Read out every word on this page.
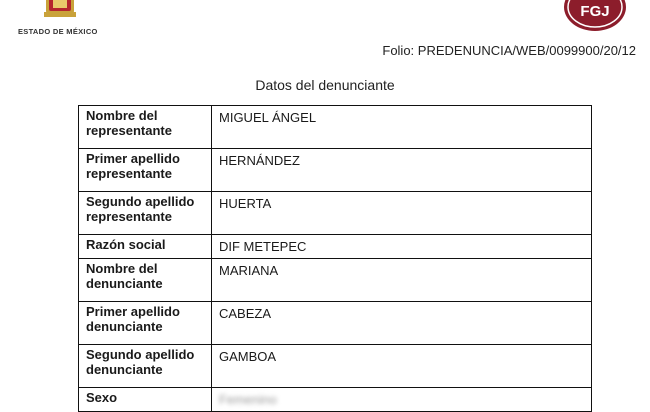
ESTADO DE MÉXICO
FGJ
Folio: PREDENUNCIA/WEB/0099900/20/12
Datos del denunciante
Nombre del representante	MIGUEL ÁNGEL
Primer apellido representante	HERNÁNDEZ
Segundo apellido representante	HUERTA
Razón social	DIF METEPEC
Nombre del denunciante	MARIANA
Primer apellido denunciante	CABEZA
Segundo apellido denunciante	GAMBOA
Sexo	Femenino
